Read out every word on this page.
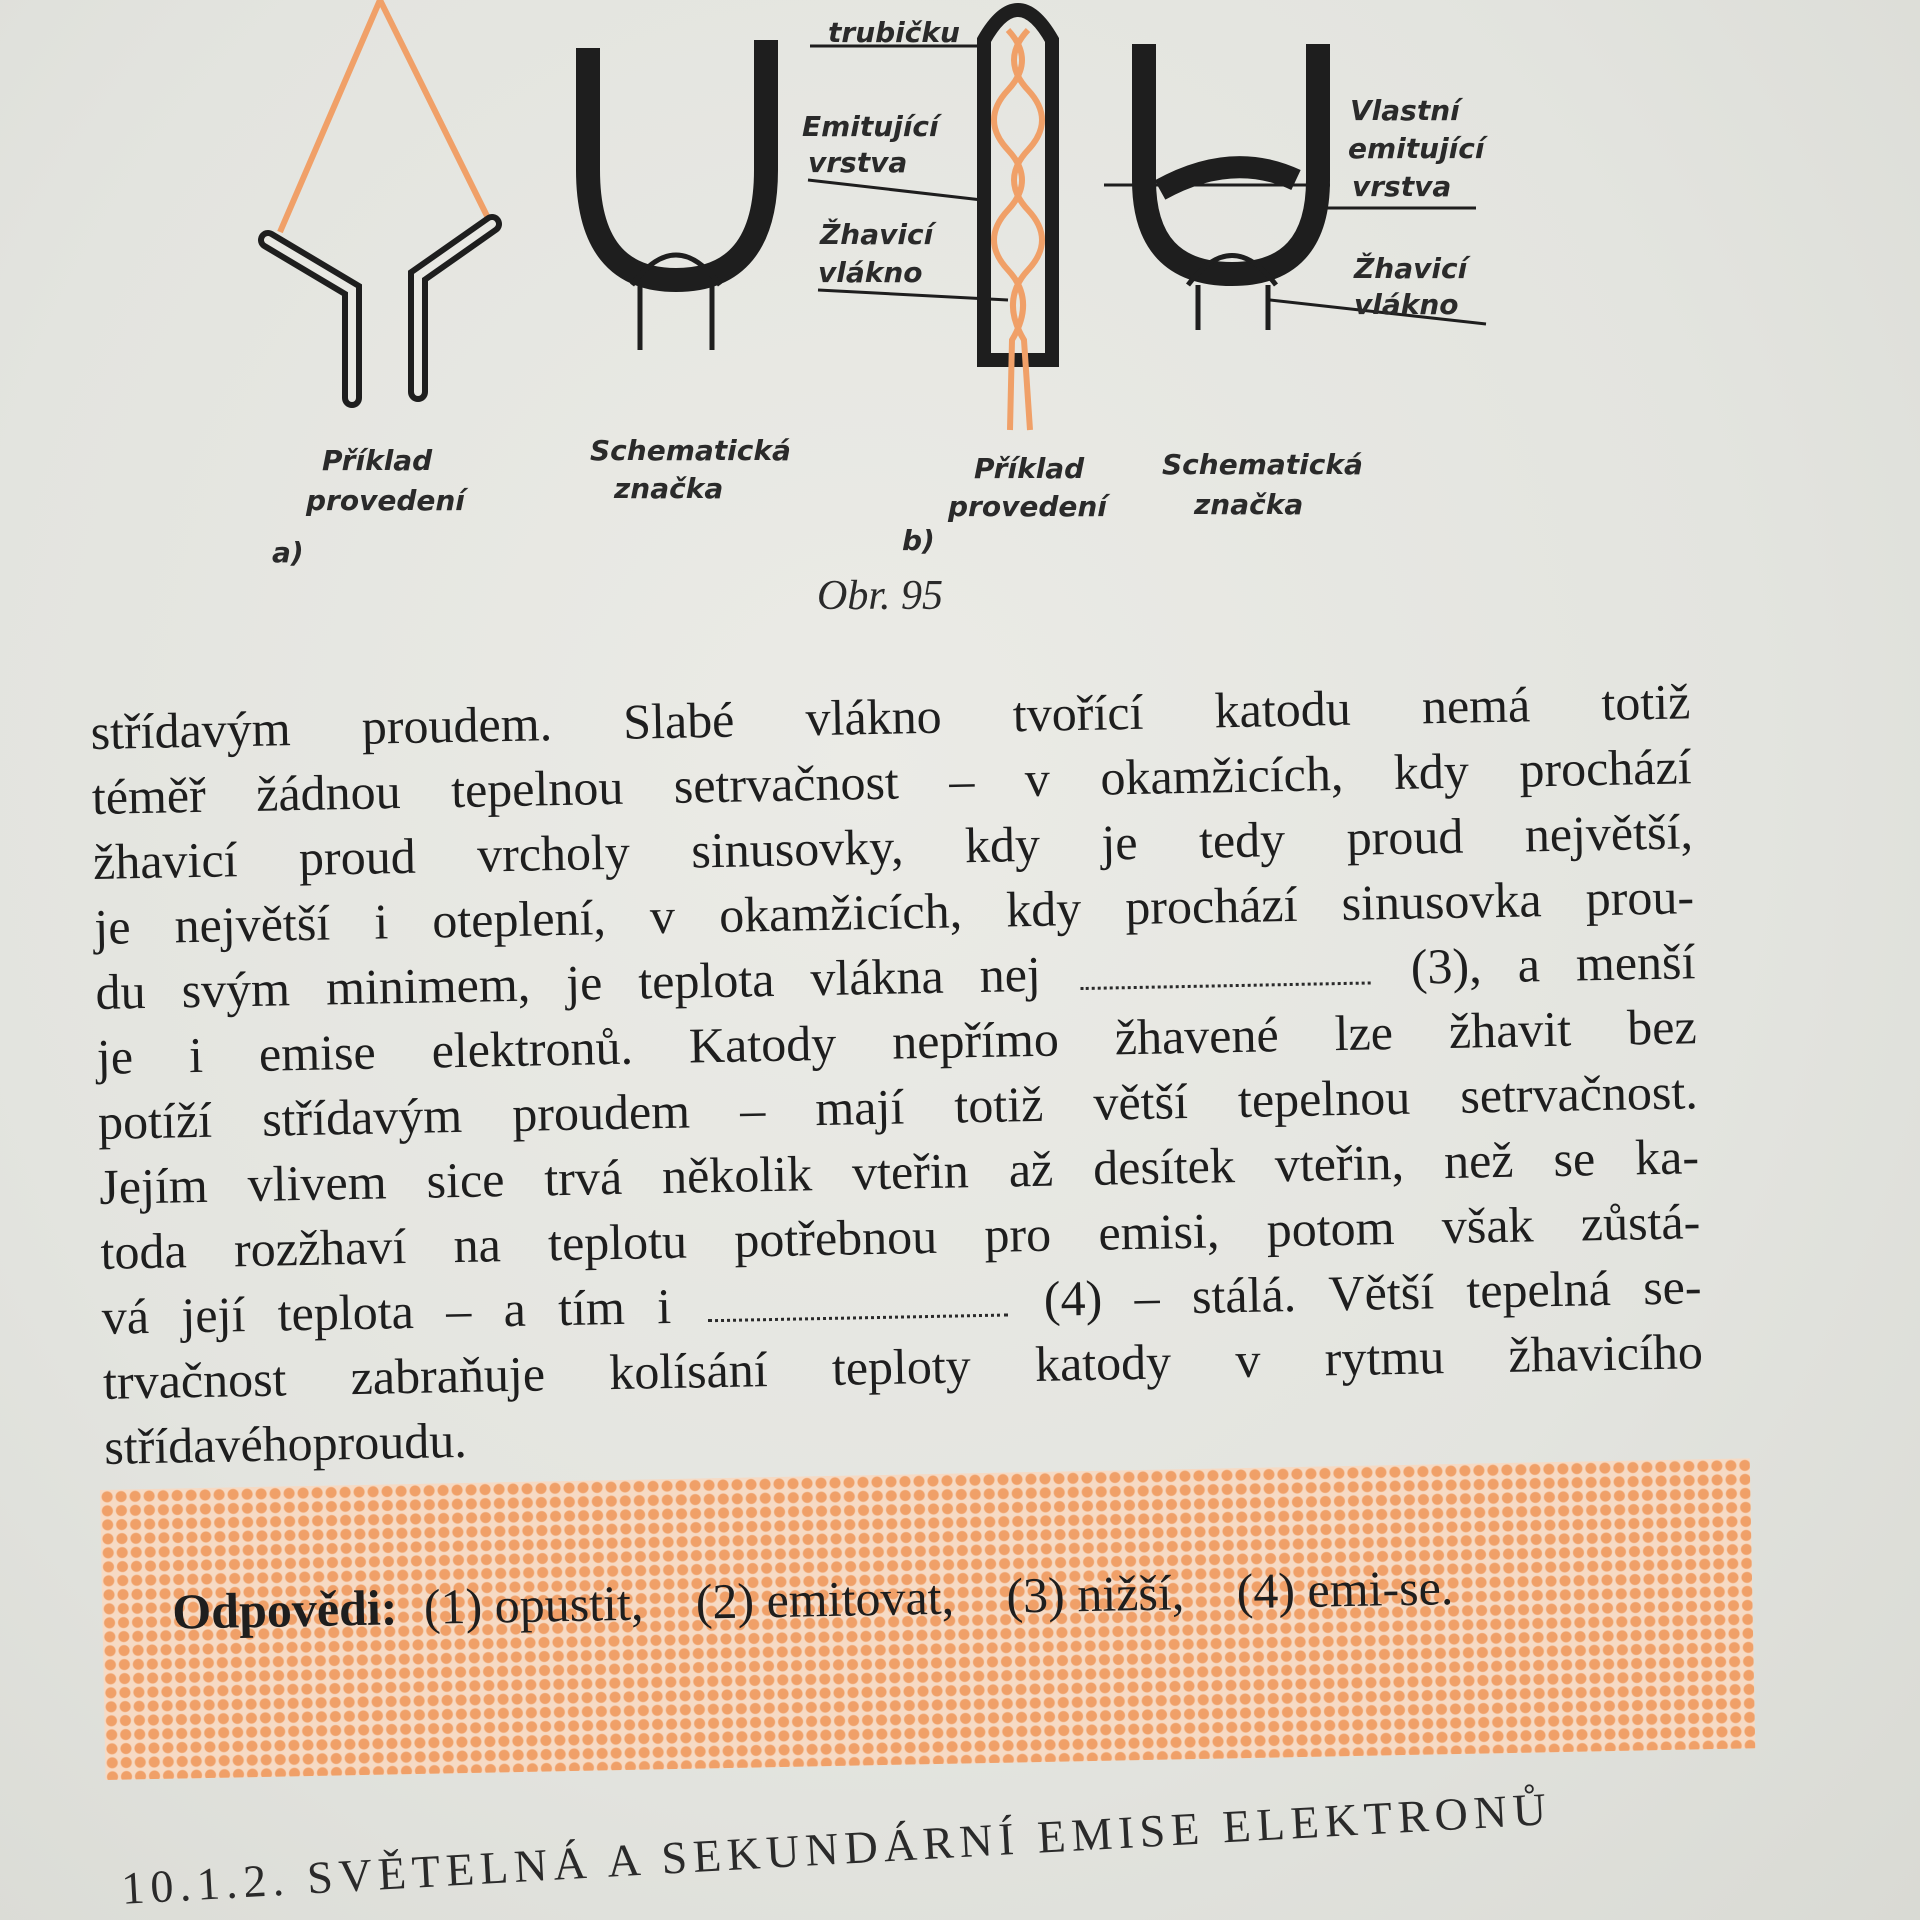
trubičku
Emitující
vrstva
Žhavicí
vlákno
Vlastní
emitující
vrstva
Žhavicí
vlákno
Příklad
provedení
Schematická
značka
Příklad
provedení
Schematická
značka
a)	b)
Obr. 95
střídavým proudem. Slabé vlákno tvořící katodu nemá totiž
téměř žádnou tepelnou setrvačnost – v okamžicích, kdy prochází
žhavicí proud vrcholy sinusovky, kdy je tedy proud největší,
je největší i oteplení, v okamžicích, kdy prochází sinusovka prou-
du svým minimem, je teplota vlákna nej	(3), a menší
je i emise elektronů. Katody nepřímo žhavené lze žhavit bez
potíží střídavým proudem – mají totiž větší tepelnou setrvačnost.
Jejím vlivem sice trvá několik vteřin až desítek vteřin, než se ka-
toda rozžhaví na teplotu potřebnou pro emisi, potom však zůstá-
vá její teplota – a tím i	(4) – stálá. Větší tepelná se-
trvačnost zabraňuje kolísání teploty katody v rytmu žhavicího
střídavého
proudu.
Odpovědi: (1) opustit, (2) emitovat, (3) nižší, (4) emi-se.
10.1.2. SVĚTELNÁ A SEKUNDÁRNÍ EMISE ELEKTRONŮ
